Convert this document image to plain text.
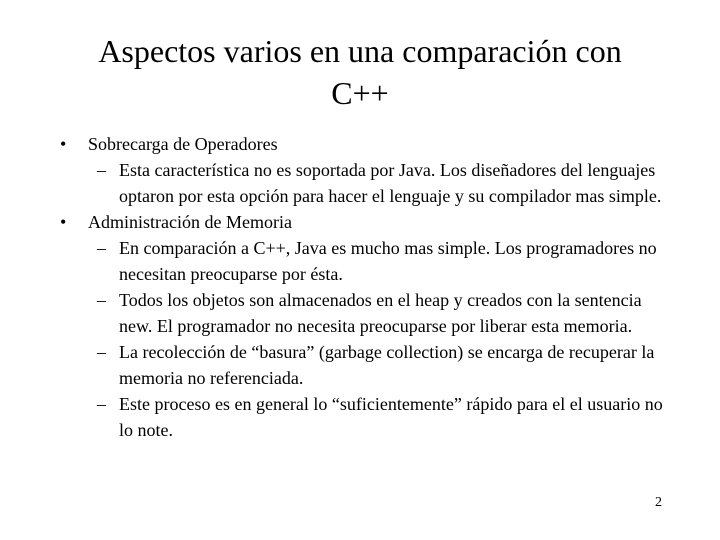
Aspectos varios en una comparación con
C++
• Sobrecarga de Operadores
– Esta característica no es soportada por Java. Los diseñadores del lenguajes optaron por esta opción para hacer el lenguaje y su compilador mas simple.
• Administración de Memoria
– En comparación a C++, Java es mucho mas simple. Los programadores no necesitan preocuparse por ésta.
– Todos los objetos son almacenados en el heap y creados con la sentencia new. El programador no necesita preocuparse por liberar esta memoria.
– La recolección de “basura” (garbage collection) se encarga de recuperar la memoria no referenciada.
– Este proceso es en general lo “suficientemente” rápido para el el usuario no lo note.
2
